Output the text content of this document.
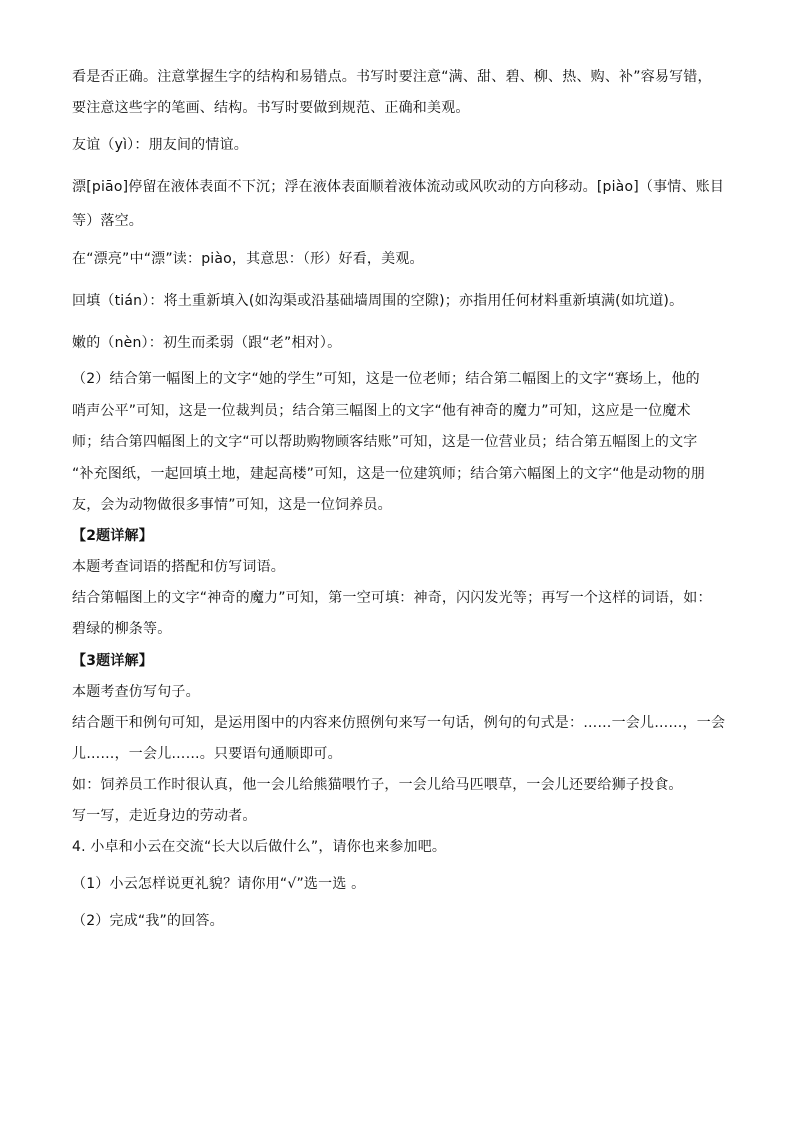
看是否正确。注意掌握生字的结构和易错点。书写时要注意“满、甜、碧、柳、热、购、补”容易写错，
要注意这些字的笔画、结构。书写时要做到规范、正确和美观。
友谊（yì）：朋友间的情谊。
漂[piāo]停留在液体表面不下沉；浮在液体表面顺着液体流动或风吹动的方向移动。[piào]（事情、账目
等）落空。
在“漂亮”中“漂”读：piào，其意思：（形）好看，美观。
回填（tián）：将土重新填入(如沟渠或沿基础墙周围的空隙)；亦指用任何材料重新填满(如坑道)。
嫩的（nèn）：初生而柔弱（跟“老”相对）。
（2）结合第一幅图上的文字“她的学生”可知，这是一位老师；结合第二幅图上的文字“赛场上，他的
哨声公平”可知，这是一位裁判员；结合第三幅图上的文字“他有神奇的魔力”可知，这应是一位魔术
师；结合第四幅图上的文字“可以帮助购物顾客结账”可知，这是一位营业员；结合第五幅图上的文字
“补充图纸，一起回填土地，建起高楼”可知，这是一位建筑师；结合第六幅图上的文字“他是动物的朋
友，会为动物做很多事情”可知，这是一位饲养员。
【2题详解】
本题考查词语的搭配和仿写词语。
结合第幅图上的文字“神奇的魔力”可知，第一空可填：神奇，闪闪发光等；再写一个这样的词语，如：
碧绿的柳条等。
【3题详解】
本题考查仿写句子。
结合题干和例句可知，是运用图中的内容来仿照例句来写一句话，例句的句式是：……一会儿……，一会
儿……，一会儿……。只要语句通顺即可。
如：饲养员工作时很认真，他一会儿给熊猫喂竹子，一会儿给马匹喂草，一会儿还要给狮子投食。
写一写，走近身边的劳动者。
4. 小卓和小云在交流“长大以后做什么”，请你也来参加吧。
（1）小云怎样说更礼貌？请你用“√”选一选 。
（2）完成“我”的回答。
